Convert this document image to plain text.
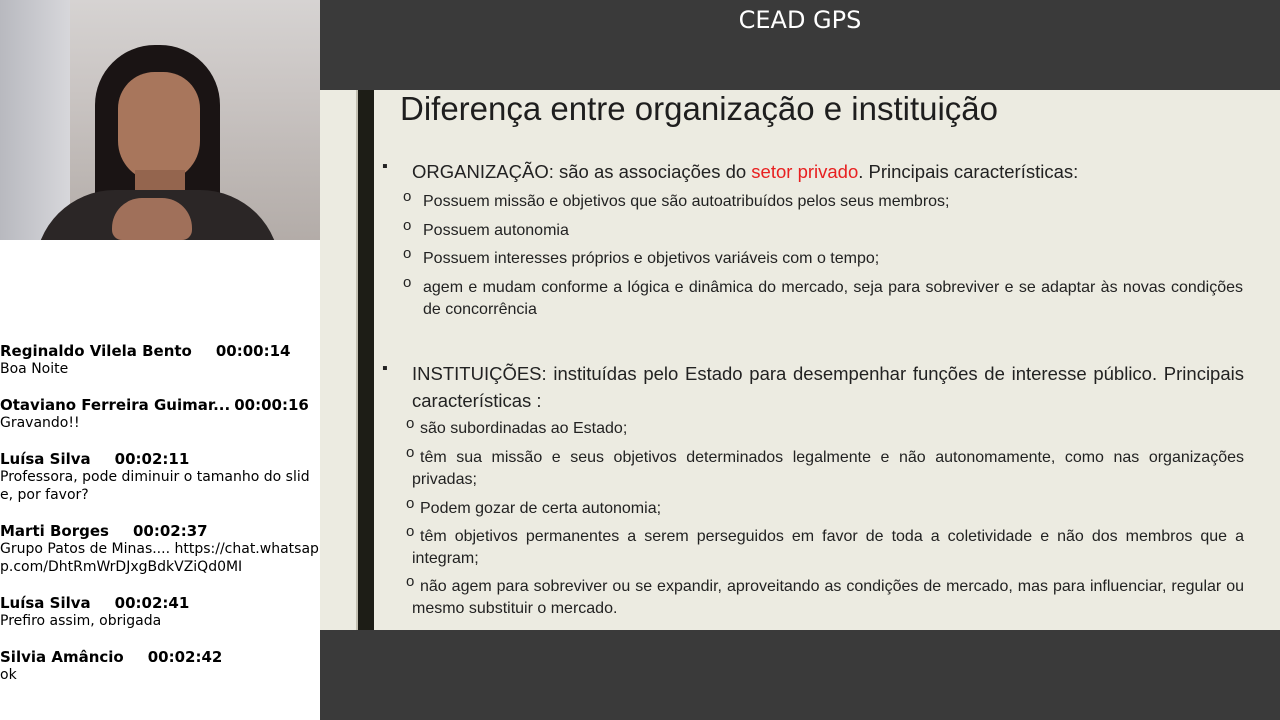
Reginaldo Vilela Bento 00:00:14
Boa Noite
Otaviano Ferreira Guimar... 00:00:16
Gravando!!
Luísa Silva 00:02:11
Professora, pode diminuir o tamanho do slide, por favor?
Marti Borges 00:02:37
Grupo Patos de Minas.... https://chat.whatsapp.com/DhtRmWrDJxgBdkVZiQd0MI
Luísa Silva 00:02:41
Prefiro assim, obrigada
Silvia Amâncio 00:02:42
ok
CEAD GPS
Diferença entre organização e instituição
▪ ORGANIZAÇÃO: são as associações do setor privado. Principais características:
o Possuem missão e objetivos que são autoatribuídos pelos seus membros;
o Possuem autonomia
o Possuem interesses próprios e objetivos variáveis com o tempo;
o agem e mudam conforme a lógica e dinâmica do mercado, seja para sobreviver e se adaptar às novas condições de concorrência
▪ INSTITUIÇÕES: instituídas pelo Estado para desempenhar funções de interesse público. Principais características :
o são subordinadas ao Estado;
o têm sua missão e seus objetivos determinados legalmente e não autonomamente, como nas organizações privadas;
o Podem gozar de certa autonomia;
o têm objetivos permanentes a serem perseguidos em favor de toda a coletividade e não dos membros que a integram;
o não agem para sobreviver ou se expandir, aproveitando as condições de mercado, mas para influenciar, regular ou mesmo substituir o mercado.
